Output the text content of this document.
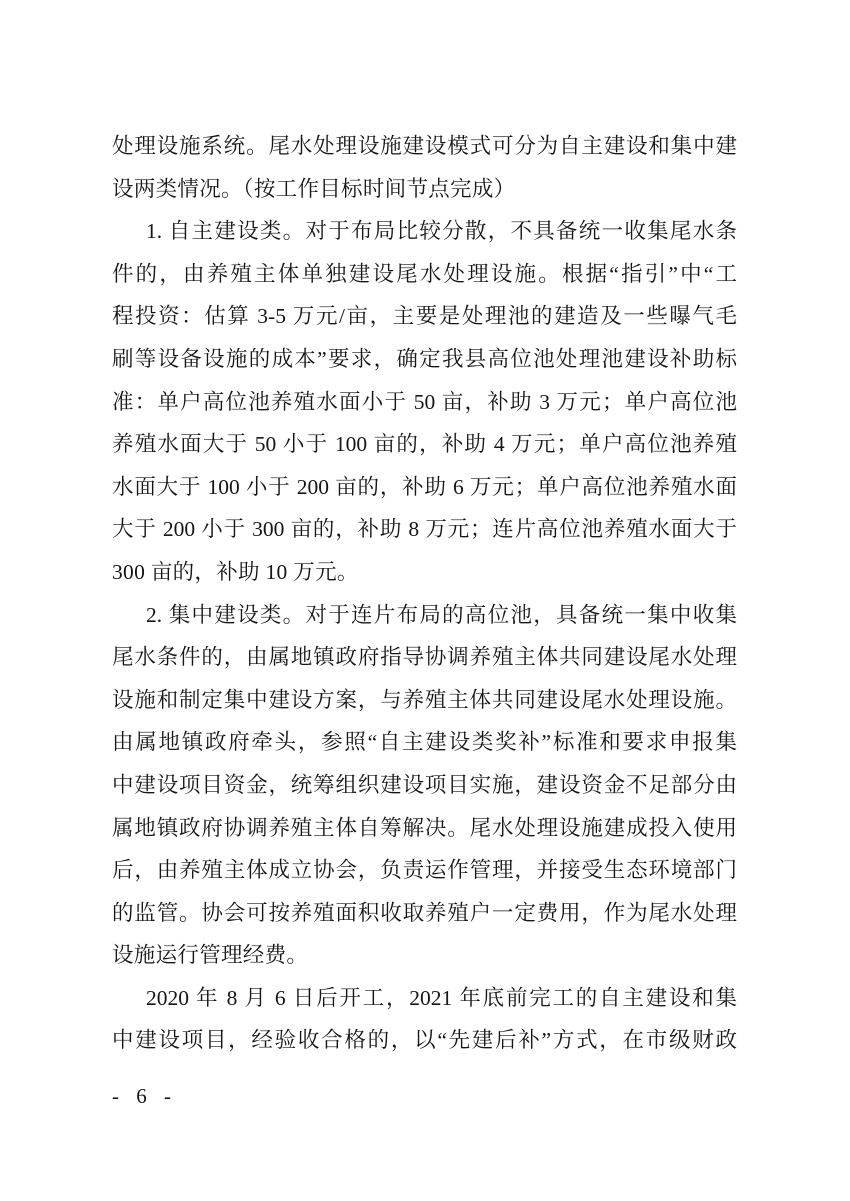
处理设施系统。尾水处理设施建设模式可分为自主建设和集中建
设两类情况。（按工作目标时间节点完成）
1. 自主建设类。对于布局比较分散，不具备统一收集尾水条
件的，由养殖主体单独建设尾水处理设施。根据“指引”中“工
程投资：估算 3-5 万元/亩，主要是处理池的建造及一些曝气毛
刷等设备设施的成本”要求，确定我县高位池处理池建设补助标
准：单户高位池养殖水面小于 50 亩，补助 3 万元；单户高位池
养殖水面大于 50 小于 100 亩的，补助 4 万元；单户高位池养殖
水面大于 100 小于 200 亩的，补助 6 万元；单户高位池养殖水面
大于 200 小于 300 亩的，补助 8 万元；连片高位池养殖水面大于
300 亩的，补助 10 万元。
2. 集中建设类。对于连片布局的高位池，具备统一集中收集
尾水条件的，由属地镇政府指导协调养殖主体共同建设尾水处理
设施和制定集中建设方案，与养殖主体共同建设尾水处理设施。
由属地镇政府牵头，参照“自主建设类奖补”标准和要求申报集
中建设项目资金，统筹组织建设项目实施，建设资金不足部分由
属地镇政府协调养殖主体自筹解决。尾水处理设施建成投入使用
后，由养殖主体成立协会，负责运作管理，并接受生态环境部门
的监管。协会可按养殖面积收取养殖户一定费用，作为尾水处理
设施运行管理经费。
2020 年 8 月 6 日后开工，2021 年底前完工的自主建设和集
中建设项目，经验收合格的，以“先建后补”方式，在市级财政
- 6 -
